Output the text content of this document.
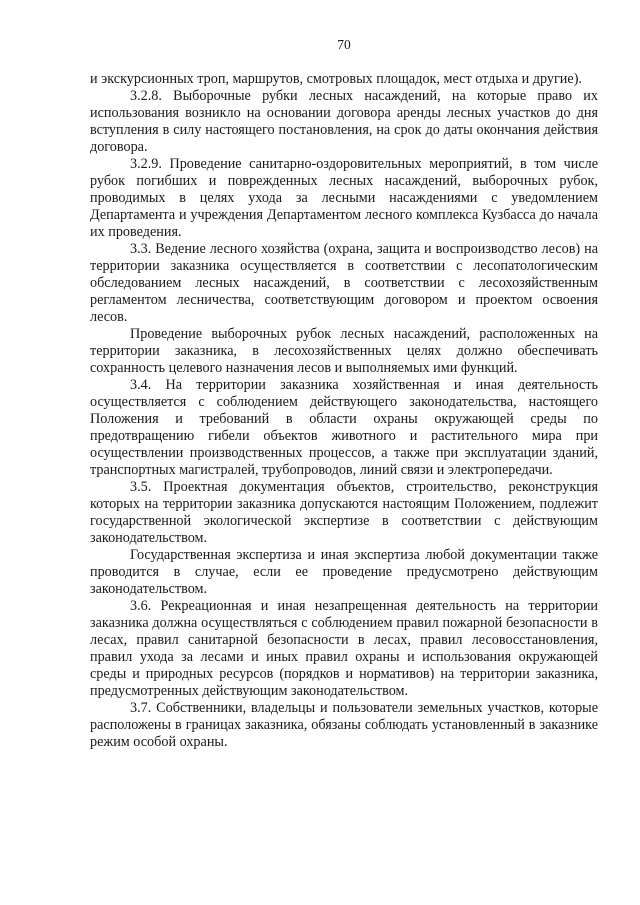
70

и экскурсионных троп, маршрутов, смотровых площадок, мест отдыха и другие).

3.2.8. Выборочные рубки лесных насаждений, на которые право их использования возникло на основании договора аренды лесных участков до дня вступления в силу настоящего постановления, на срок до даты окончания действия договора.

3.2.9. Проведение санитарно-оздоровительных мероприятий, в том числе рубок погибших и поврежденных лесных насаждений, выборочных рубок, проводимых в целях ухода за лесными насаждениями с уведомлением Департамента и учреждения Департаментом лесного комплекса Кузбасса до начала их проведения.

3.3. Ведение лесного хозяйства (охрана, защита и воспроизводство лесов) на территории заказника осуществляется в соответствии с лесопатологическим обследованием лесных насаждений, в соответствии с лесохозяйственным регламентом лесничества, соответствующим договором и проектом освоения лесов.

Проведение выборочных рубок лесных насаждений, расположенных на территории заказника, в лесохозяйственных целях должно обеспечивать сохранность целевого назначения лесов и выполняемых ими функций.

3.4. На территории заказника хозяйственная и иная деятельность осуществляется с соблюдением действующего законодательства, настоящего Положения и требований в области охраны окружающей среды по предотвращению гибели объектов животного и растительного мира при осуществлении производственных процессов, а также при эксплуатации зданий, транспортных магистралей, трубопроводов, линий связи и электропередачи.

3.5. Проектная документация объектов, строительство, реконструкция которых на территории заказника допускаются настоящим Положением, подлежит государственной экологической экспертизе в соответствии с действующим законодательством.

Государственная экспертиза и иная экспертиза любой документации также проводится в случае, если ее проведение предусмотрено действующим законодательством.

3.6. Рекреационная и иная незапрещенная деятельность на территории заказника должна осуществляться с соблюдением правил пожарной безопасности в лесах, правил санитарной безопасности в лесах, правил лесовосстановления, правил ухода за лесами и иных правил охраны и использования окружающей среды и природных ресурсов (порядков и нормативов) на территории заказника, предусмотренных действующим законодательством.

3.7. Собственники, владельцы и пользователи земельных участков, которые расположены в границах заказника, обязаны соблюдать установленный в заказнике режим особой охраны.
